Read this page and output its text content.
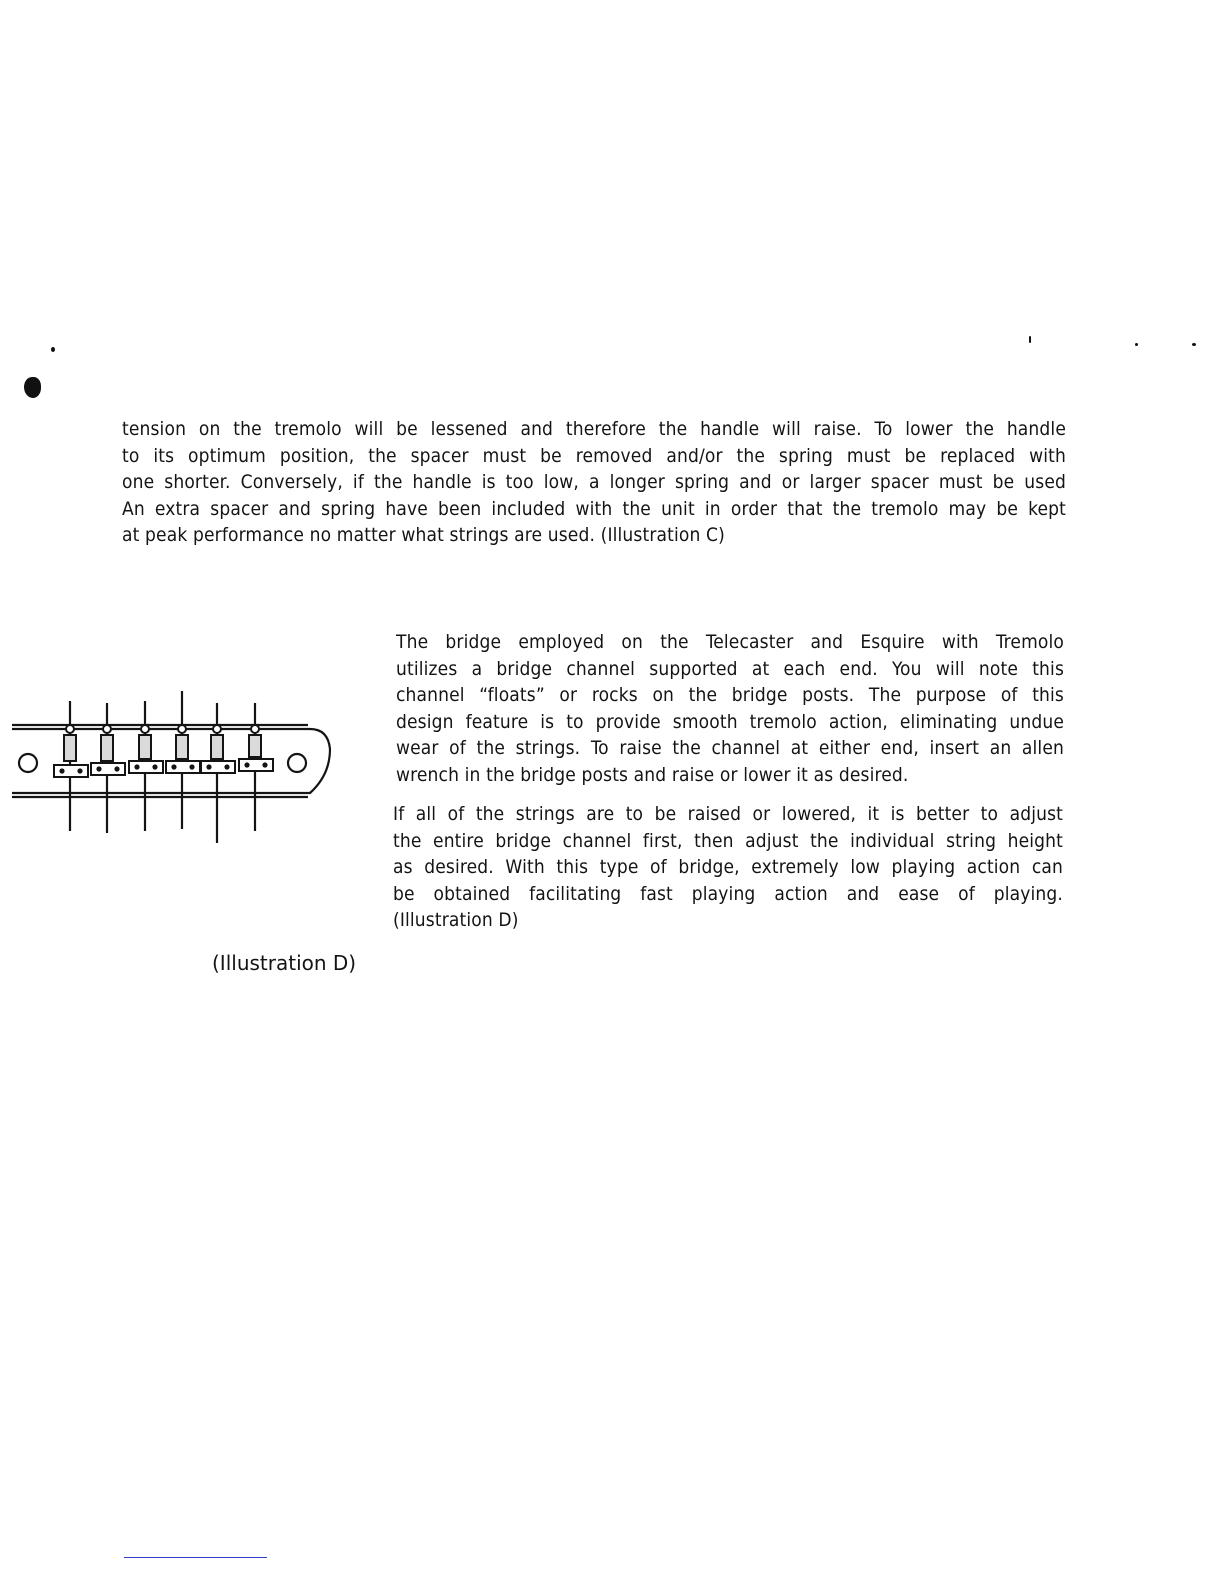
tension on the tremolo will be lessened and therefore the handle will raise. To lower the handle
to its optimum position, the spacer must be removed and/or the spring must be replaced with
one shorter. Conversely, if the handle is too low, a longer spring and or larger spacer must be used
An extra spacer and spring have been included with the unit in order that the tremolo may be kept
at peak performance no matter what strings are used. (Illustration C)
The bridge employed on the Telecaster and Esquire with Tremolo
utilizes a bridge channel supported at each end. You will note this
channel “floats” or rocks on the bridge posts. The purpose of this
design feature is to provide smooth tremolo action, eliminating undue
wear of the strings. To raise the channel at either end, insert an allen
wrench in the bridge posts and raise or lower it as desired.
If all of the strings are to be raised or lowered, it is better to adjust
the entire bridge channel first, then adjust the individual string height
as desired. With this type of bridge, extremely low playing action can
be obtained facilitating fast playing action and ease of playing.
(Illustration D)
(Illustration D)
